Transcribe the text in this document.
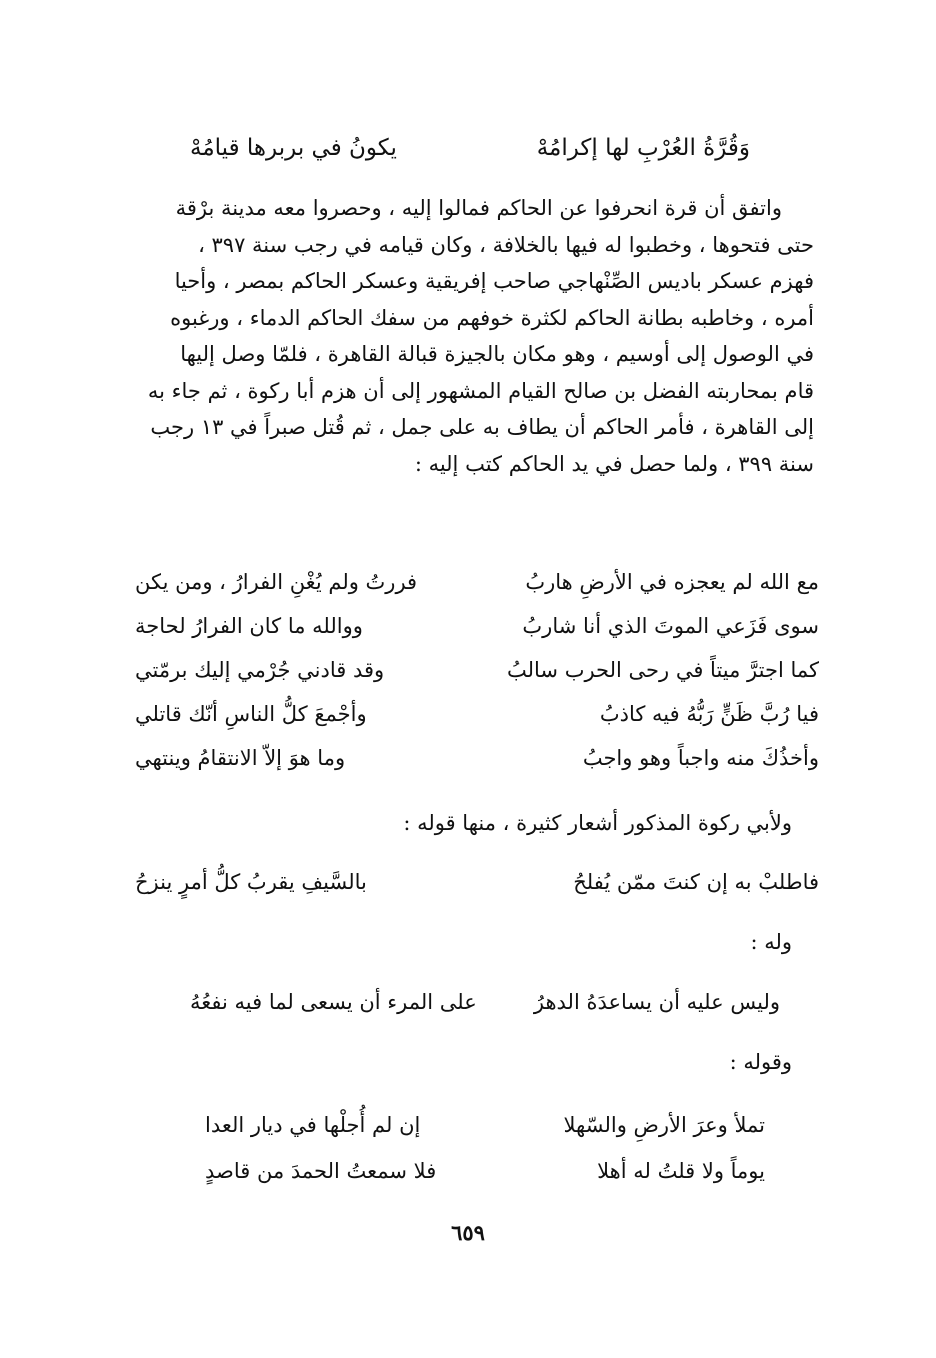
يكونُ في بربرها قيامُهْ	وَقُرَّةُ العُرْبِ لها إكرامُهْ
واتفق أن قرة انحرفوا عن الحاكم فمالوا إليه ، وحصروا معه مدينة برْقة
حتى فتحوها ، وخطبوا له فيها بالخلافة ، وكان قيامه في رجب سنة ٣٩٧ ،
فهزم عسكر باديس الصِّنْهاجي صاحب إفريقية وعسكر الحاكم بمصر ، وأحيا
أمره ، وخاطبه بطانة الحاكم لكثرة خوفهم من سفك الحاكم الدماء ، ورغبوه
في الوصول إلى أوسيم ، وهو مكان بالجيزة قبالة القاهرة ، فلمّا وصل إليها
قام بمحاربته الفضل بن صالح القيام المشهور إلى أن هزم أبا ركوة ، ثم جاء به
إلى القاهرة ، فأمر الحاكم أن يطاف به على جمل ، ثم قُتل صبراً في ١٣ رجب
سنة ٣٩٩ ، ولما حصل في يد الحاكم كتب إليه :
فررتُ ولم يُغْنِ الفرارُ ، ومن يكن	مع الله لم يعجزه في الأرضِ هاربُ
ووالله ما كان الفرارُ لحاجة	سوى فَزَعي الموتَ الذي أنا شاربُ
وقد قادني جُرْمي إليك برمّتي	كما اجترَّ ميتاً في رحى الحرب سالبُ
وأجْمعَ كلُّ الناسِ أنّك قاتلي	فيا رُبَّ ظَنٍّ رَبُّهُ فيه كاذبُ
وما هوَ إلاّ الانتقامُ وينتهي	وأخذُكَ منه واجباً وهو واجبُ
ولأبي ركوة المذكور أشعار كثيرة ، منها قوله :
بالسَّيفِ يقربُ كلُّ أمرٍ ينزحُ	فاطلبْ به إن كنتَ ممّن يُفلحُ
وله :
على المرء أن يسعى لما فيه نفعُهُ	وليس عليه أن يساعدَهُ الدهرُ
وقوله :
إن لم أُجلْها في ديار العدا	تملأ وعرَ الأرضِ والسّهلا
فلا سمعتُ الحمدَ من قاصدٍ	يوماً ولا قلتُ له أهلا
٦٥٩
